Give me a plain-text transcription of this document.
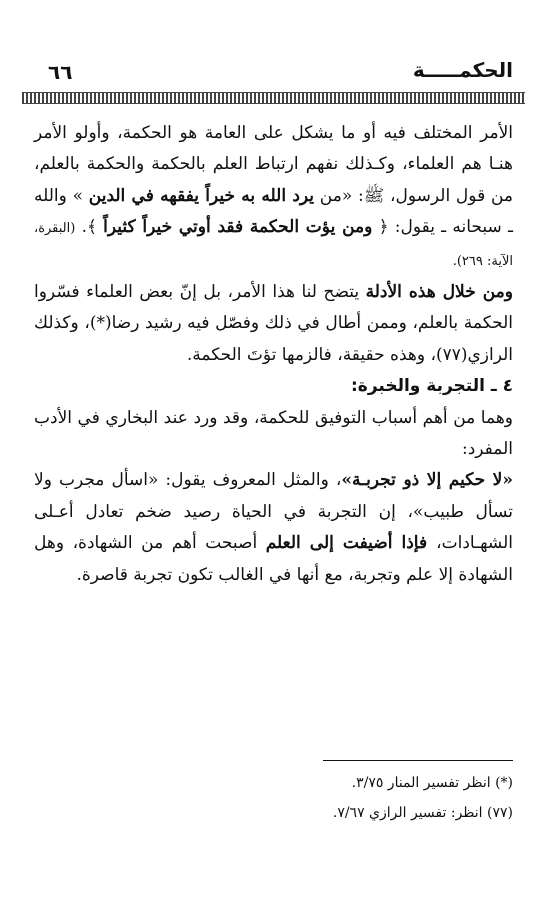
٦٦	الحكمـــــة

الأمر المختلف فيه أو ما يشكل على العامة هو الحكمة، وأولو الأمر هنـا هم العلماء، وكـذلك نفهم ارتباط العلم بالحكمة والحكمة بالعلم، من قول الرسول، ﷺ: «من يرد الله به خيراً يفقهه في الدين » والله ـ سبحانه ـ يقول: ﴿ ومن يؤت الحكمة فقد أوتي خيراً كثيراً ﴾. (البقرة، الآية: ٢٦٩).

ومن خلال هذه الأدلة يتضح لنا هذا الأمر، بل إنّ بعض العلماء فسّروا الحكمة بالعلم، وممن أطال في ذلك وفصّل فيه رشيد رضا(*)، وكذلك الرازي(٧٧)، وهذه حقيقة، فالزمها تؤتَ الحكمة.

٤ ـ التجربة والخبرة:

وهما من أهم أسباب التوفيق للحكمة، وقد ورد عند البخاري في الأدب المفرد:

«لا حكيم إلا ذو تجربـة»، والمثل المعروف يقول: «اسأل مجرب ولا تسأل طبيب»، إن التجربة في الحياة رصيد ضخم تعادل أعـلى الشهـادات، فإذا أضيفت إلى العلم أصبحت أهم من الشهادة، وهل الشهادة إلا علم وتجربة، مع أنها في الغالب تكون تجربة قاصرة.

(*) انظر تفسير المنار ٣/٧٥.

(٧٧) انظر: تفسير الرازي ٧/٦٧.
